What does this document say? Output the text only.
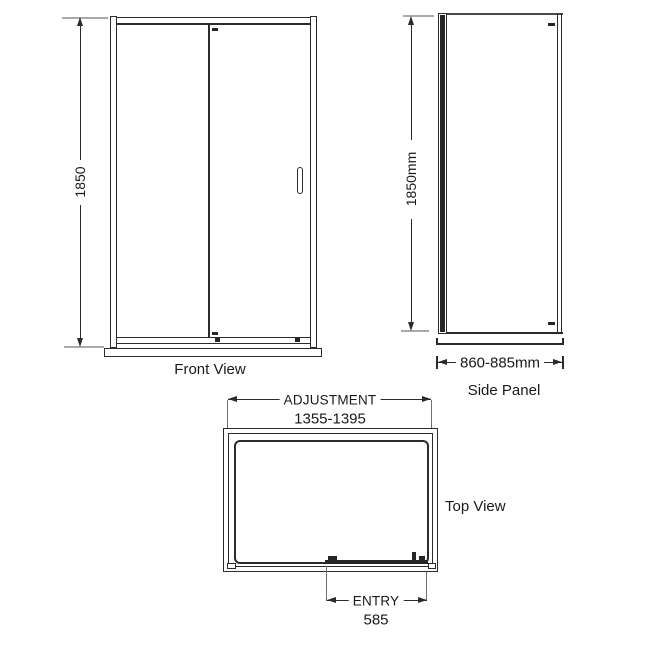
1850
Front View
1850mm
860-885mm
Side Panel
ADJUSTMENT
1355-1395
ENTRY
585
Top View
